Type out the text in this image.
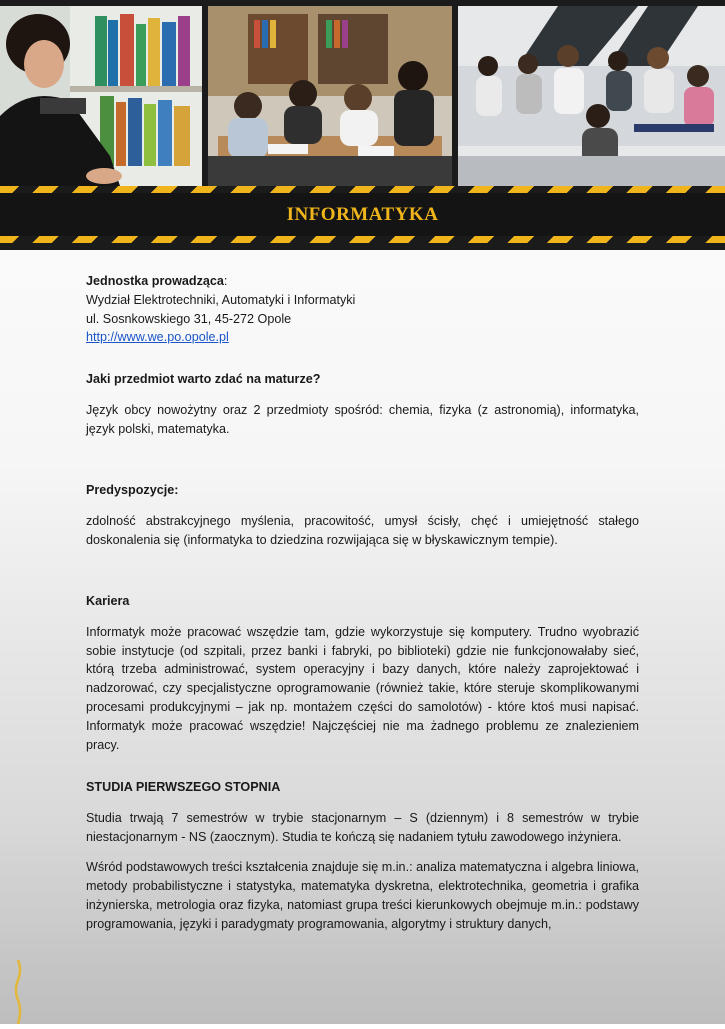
INFORMATYKA

Jednostka prowadząca:

Wydział Elektrotechniki, Automatyki i Informatyki

ul. Sosnkowskiego 31, 45-272 Opole

http://www.we.po.opole.pl

Jaki przedmiot warto zdać na maturze?

Język obcy nowożytny oraz 2 przedmioty spośród: chemia, fizyka (z astronomią), informatyka, język polski, matematyka.

Predyspozycje:

zdolność abstrakcyjnego myślenia, pracowitość, umysł ścisły, chęć i umiejętność stałego doskonalenia się (informatyka to dziedzina rozwijająca się w błyskawicznym tempie).

Kariera

Informatyk może pracować wszędzie tam, gdzie wykorzystuje się komputery. Trudno wyobrazić sobie instytucje (od szpitali, przez banki i fabryki, po biblioteki) gdzie nie funkcjonowałaby sieć, którą trzeba administrować, system operacyjny i bazy danych, które należy zaprojektować i nadzorować, czy specjalistyczne oprogramowanie (również takie, które steruje skomplikowanymi procesami produkcyjnymi – jak np. montażem części do samolotów) - które ktoś musi napisać. Informatyk może pracować wszędzie! Najczęściej nie ma żadnego problemu ze znalezieniem pracy.

STUDIA PIERWSZEGO STOPNIA

Studia trwają 7 semestrów w trybie stacjonarnym – S (dziennym) i 8 semestrów w trybie niestacjonarnym - NS (zaocznym). Studia te kończą się nadaniem tytułu zawodowego inżyniera.

Wśród podstawowych treści kształcenia znajduje się m.in.: analiza matematyczna i algebra liniowa, metody probabilistyczne i statystyka, matematyka dyskretna, elektrotechnika, geometria i grafika inżynierska, metrologia oraz fizyka, natomiast grupa treści kierunkowych obejmuje m.in.: podstawy programowania, języki i paradygmaty programowania, algorytmy i struktury danych,
